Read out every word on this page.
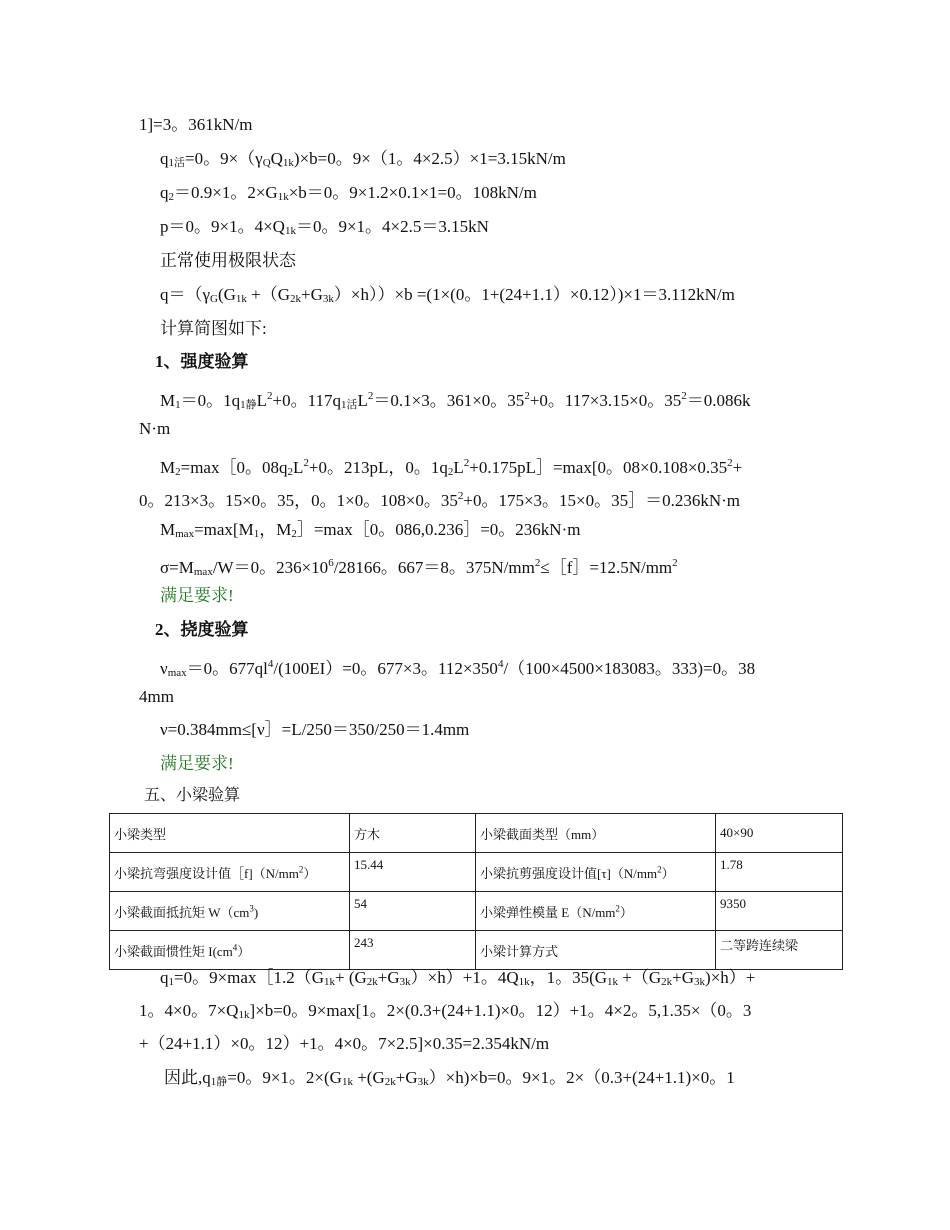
1]=3。361kN/m
q1活=0。9×（γQQ1k)×b=0。9×（1。4×2.5）×1=3.15kN/m
q2＝0.9×1。2×G1k×b＝0。9×1.2×0.1×1=0。108kN/m
p＝0。9×1。4×Q1k＝0。9×1。4×2.5＝3.15kN
正常使用极限状态
q＝（γG(G1k +（G2k+G3k）×h））×b =(1×(0。1+(24+1.1）×0.12）)×1＝3.112kN/m
计算简图如下:
1、强度验算
M1＝0。1q1静$L^2+0$。117q1活$L^2=0.1\times 3$。361×0。$35^2+0$。117×3.15×0。$35^2=0.086k$
N·m
M2=max［0。$08q2L^2+0$。213pL，0。$1q2L^2+0.175pL]=\max[0$。$08\times 0.108\times 0.35^2+$
0。213×3。15×0。35，0。1×0。108×0。$35^2+0$。175×3。15×0。35］＝0.236kN·m
Mmax=max[M1，M2］=max［0。086,0.236］=0。236kN·m
σ=Mmax/W＝0。$236\times 10^6/28166$。667＝8。$375N/mm^2\le[f]=12.5N/mm^2$
满足要求!
2、挠度验算
νmax＝0。$677ql^4/(100EI)=0$。677×3。$112\times 350^4/(100\times 4500\times 183083$。333)=0。38
4mm
ν=0.384mm≤[ν］=L/250＝350/250＝1.4mm
满足要求!
五、小梁验算
小梁类型	方木	小梁截面类型（mm）	40×90
小梁抗弯强度设计值$[f](N/mm^2)$	15.44	小梁抗剪强度设计值$[\tau](N/mm^2)$	1.78
小梁截面抵抗矩 $W(cm^3)$	54	小梁弹性模量 $E(N/mm^2)$	9350
小梁截面惯性矩 $I(cm^4)$	243	小梁计算方式	二等跨连续梁
q1=0。9×max［1.2（G1k+ (G2k+G3k）×h）+1。4Q1k，1。35(G1k +（G2k+G3k)×h）+
1。4×0。7×Q1k]×b=0。9×max[1。2×(0.3+(24+1.1)×0。12）+1。4×2。5,1.35×（0。3
+（24+1.1）×0。12）+1。4×0。7×2.5]×0.35=2.354kN/m
因此,q1静=0。9×1。2×(G1k +(G2k+G3k）×h)×b=0。9×1。2×（0.3+(24+1.1)×0。1
